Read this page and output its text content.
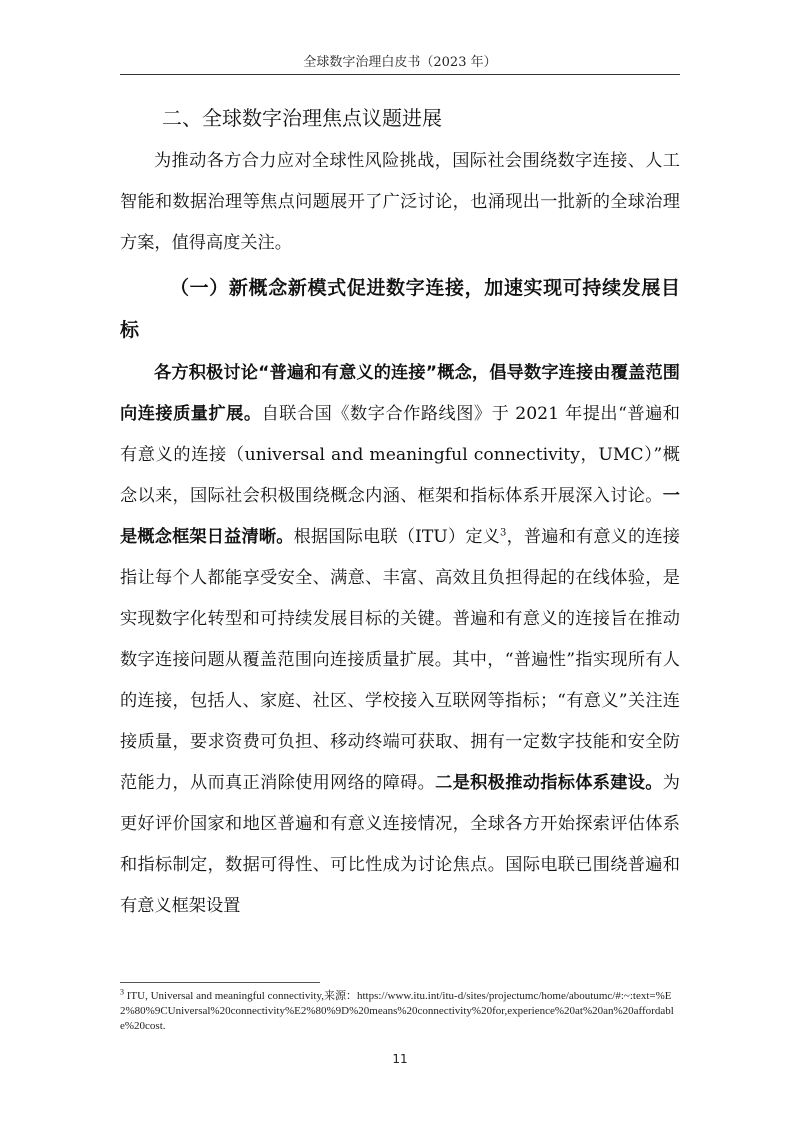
全球数字治理白皮书（2023 年）
二、全球数字治理焦点议题进展
为推动各方合力应对全球性风险挑战，国际社会围绕数字连接、人工智能和数据治理等焦点问题展开了广泛讨论，也涌现出一批新的全球治理方案，值得高度关注。
（一）新概念新模式促进数字连接，加速实现可持续发展目标
各方积极讨论“普遍和有意义的连接”概念，倡导数字连接由覆盖范围向连接质量扩展。自联合国《数字合作路线图》于 2021 年提出“普遍和有意义的连接（universal and meaningful connectivity，UMC）”概念以来，国际社会积极围绕概念内涵、框架和指标体系开展深入讨论。一是概念框架日益清晰。根据国际电联（ITU）定义$^3$，普遍和有意义的连接指让每个人都能享受安全、满意、丰富、高效且负担得起的在线体验，是实现数字化转型和可持续发展目标的关键。普遍和有意义的连接旨在推动数字连接问题从覆盖范围向连接质量扩展。其中，“普遍性”指实现所有人的连接，包括人、家庭、社区、学校接入互联网等指标；“有意义”关注连接质量，要求资费可负担、移动终端可获取、拥有一定数字技能和安全防范能力，从而真正消除使用网络的障碍。二是积极推动指标体系建设。为更好评价国家和地区普遍和有意义连接情况，全球各方开始探索评估体系和指标制定，数据可得性、可比性成为讨论焦点。国际电联已围绕普遍和有意义框架设置
$^3$ ITU, Universal and meaningful connectivity,来源：https://www.itu.int/itu-d/sites/projectumc/home/aboutumc/#:~:text=%E2%80%9CUniversal%20connectivity%E2%80%9D%20means%20connectivity%20for,experience%20at%20an%20affordable%20cost.
11
